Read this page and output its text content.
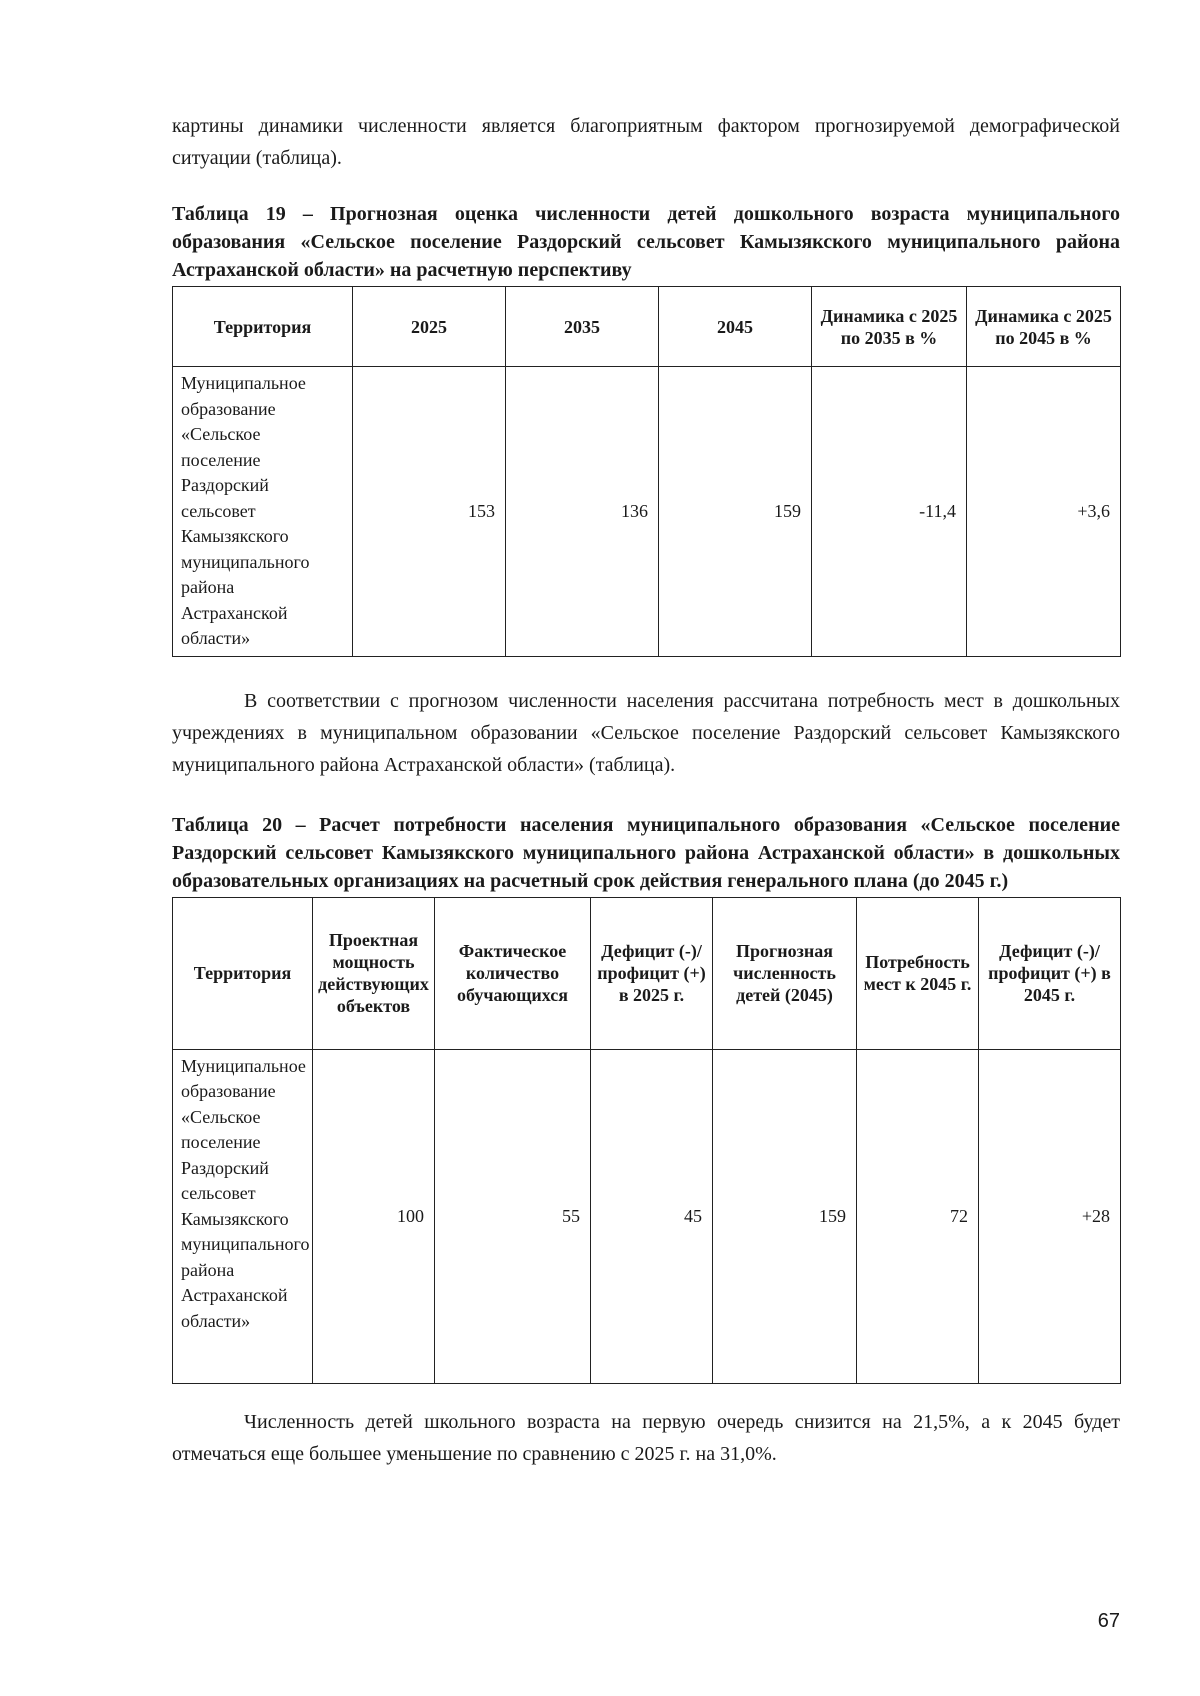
картины динамики численности является благоприятным фактором прогнозируемой демографической ситуации (таблица).

Таблица 19 – Прогнозная оценка численности детей дошкольного возраста муниципального образования «Сельское поселение Раздорский сельсовет Камызякского муниципального района Астраханской области» на расчетную перспективу
Территория	2025	2035	2045	Динамика с 2025 по 2035 в %	Динамика с 2025 по 2045 в %
Муниципальное образование «Сельское поселение Раздорский сельсовет Камызякского муниципального района Астраханской области»	153	136	159	-11,4	+3,6

В соответствии с прогнозом численности населения рассчитана потребность мест в дошкольных учреждениях в муниципальном образовании «Сельское поселение Раздорский сельсовет Камызякского муниципального района Астраханской области» (таблица).

Таблица 20 – Расчет потребности населения муниципального образования «Сельское поселение Раздорский сельсовет Камызякского муниципального района Астраханской области» в дошкольных образовательных организациях на расчетный срок действия генерального плана (до 2045 г.)
Территория	Проектная мощность действующих объектов	Фактическое количество обучающихся	Дефицит (-)/ профицит (+) в 2025 г.	Прогнозная численность детей (2045)	Потребность мест к 2045 г.	Дефицит (-)/ профицит (+) в 2045 г.
Муниципальное образование «Сельское поселение Раздорский сельсовет Камызякского муниципального района Астраханской области»	100	55	45	159	72	+28

Численность детей школьного возраста на первую очередь снизится на 21,5%, а к 2045 будет отмечаться еще большее уменьшение по сравнению с 2025 г. на 31,0%.

67
